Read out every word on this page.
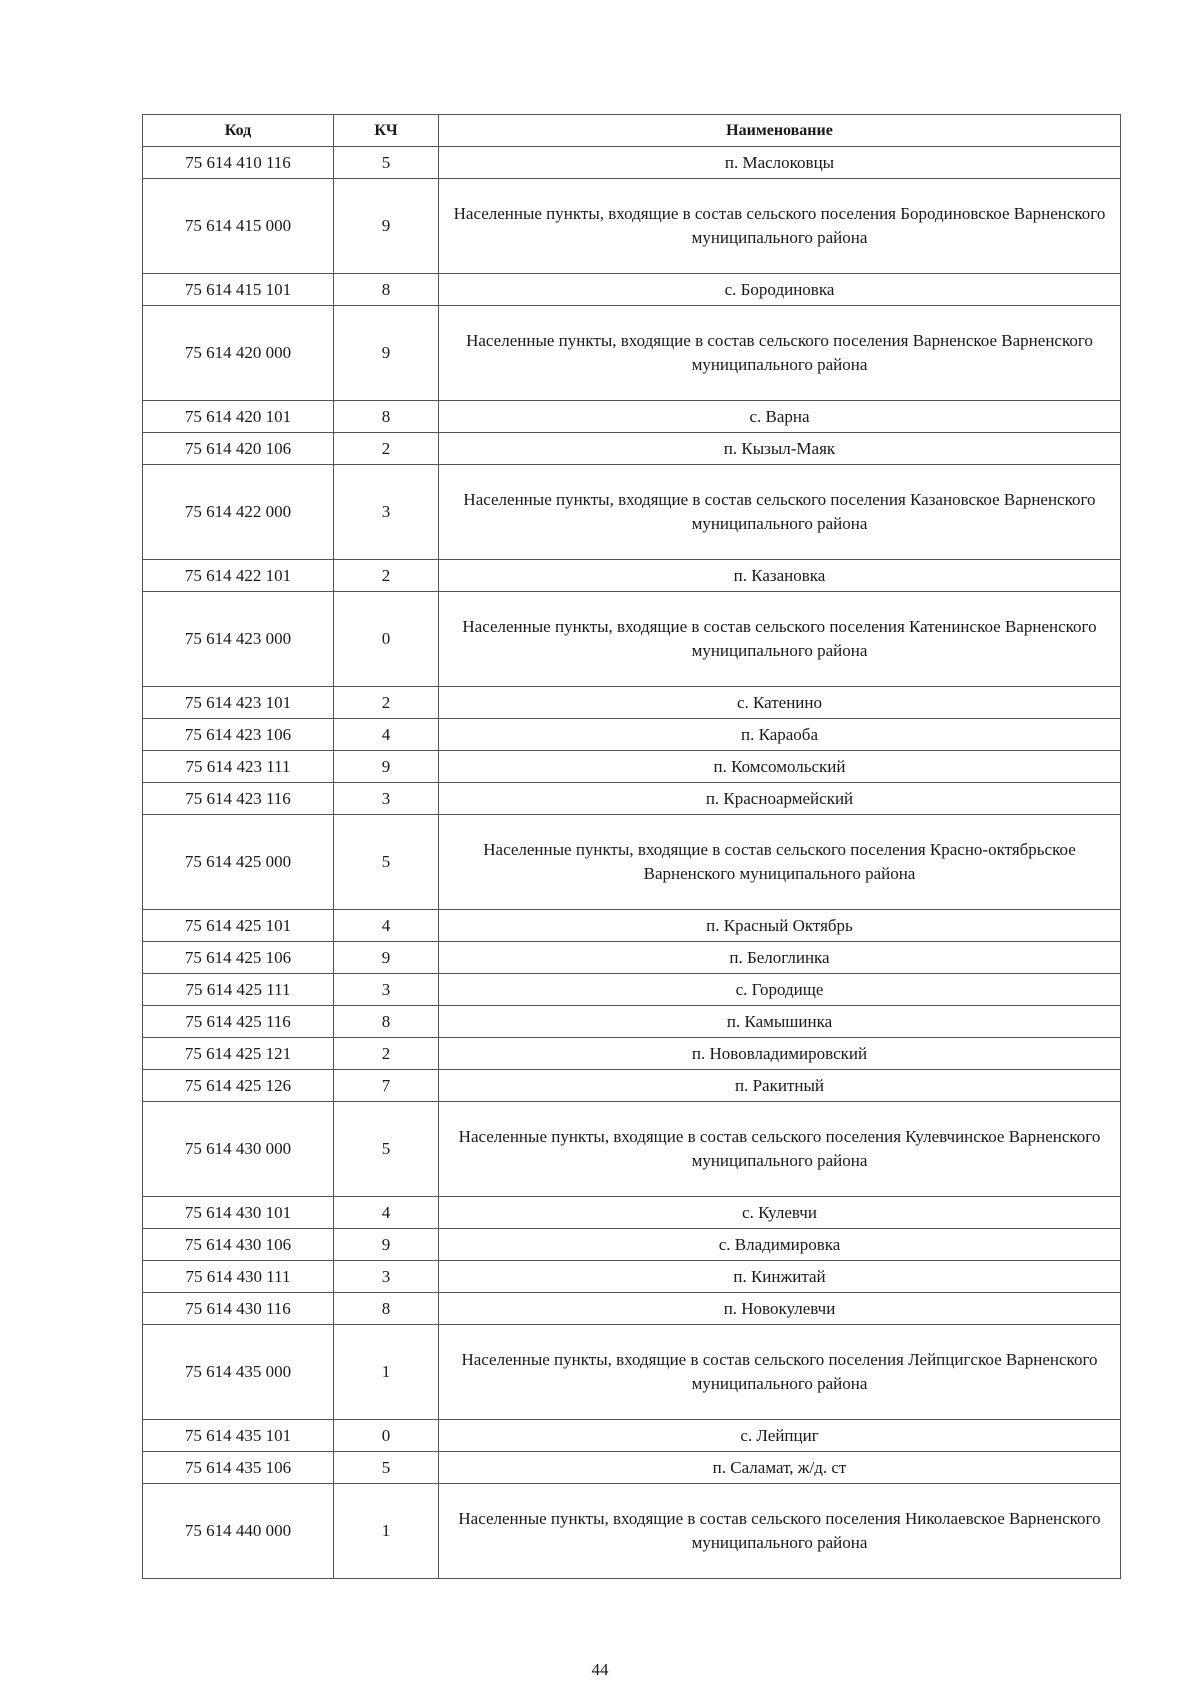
Код	КЧ	Наименование
75 614 410 116	5	п. Маслоковцы
75 614 415 000	9	Населенные пункты, входящие в состав сельского поселения Бородиновское Варненского муниципального района
75 614 415 101	8	с. Бородиновка
75 614 420 000	9	Населенные пункты, входящие в состав сельского поселения Варненское Варненского муниципального района
75 614 420 101	8	с. Варна
75 614 420 106	2	п. Кызыл-Маяк
75 614 422 000	3	Населенные пункты, входящие в состав сельского поселения Казановское Варненского муниципального района
75 614 422 101	2	п. Казановка
75 614 423 000	0	Населенные пункты, входящие в состав сельского поселения Катенинское Варненского муниципального района
75 614 423 101	2	с. Катенино
75 614 423 106	4	п. Караоба
75 614 423 111	9	п. Комсомольский
75 614 423 116	3	п. Красноармейский
75 614 425 000	5	Населенные пункты, входящие в состав сельского поселения Красно-октябрьское Варненского муниципального района
75 614 425 101	4	п. Красный Октябрь
75 614 425 106	9	п. Белоглинка
75 614 425 111	3	с. Городище
75 614 425 116	8	п. Камышинка
75 614 425 121	2	п. Нововладимировский
75 614 425 126	7	п. Ракитный
75 614 430 000	5	Населенные пункты, входящие в состав сельского поселения Кулевчинское Варненского муниципального района
75 614 430 101	4	с. Кулевчи
75 614 430 106	9	с. Владимировка
75 614 430 111	3	п. Кинжитай
75 614 430 116	8	п. Новокулевчи
75 614 435 000	1	Населенные пункты, входящие в состав сельского поселения Лейпцигское Варненского муниципального района
75 614 435 101	0	с. Лейпциг
75 614 435 106	5	п. Саламат, ж/д. ст
75 614 440 000	1	Населенные пункты, входящие в состав сельского поселения Николаевское Варненского муниципального района
44
